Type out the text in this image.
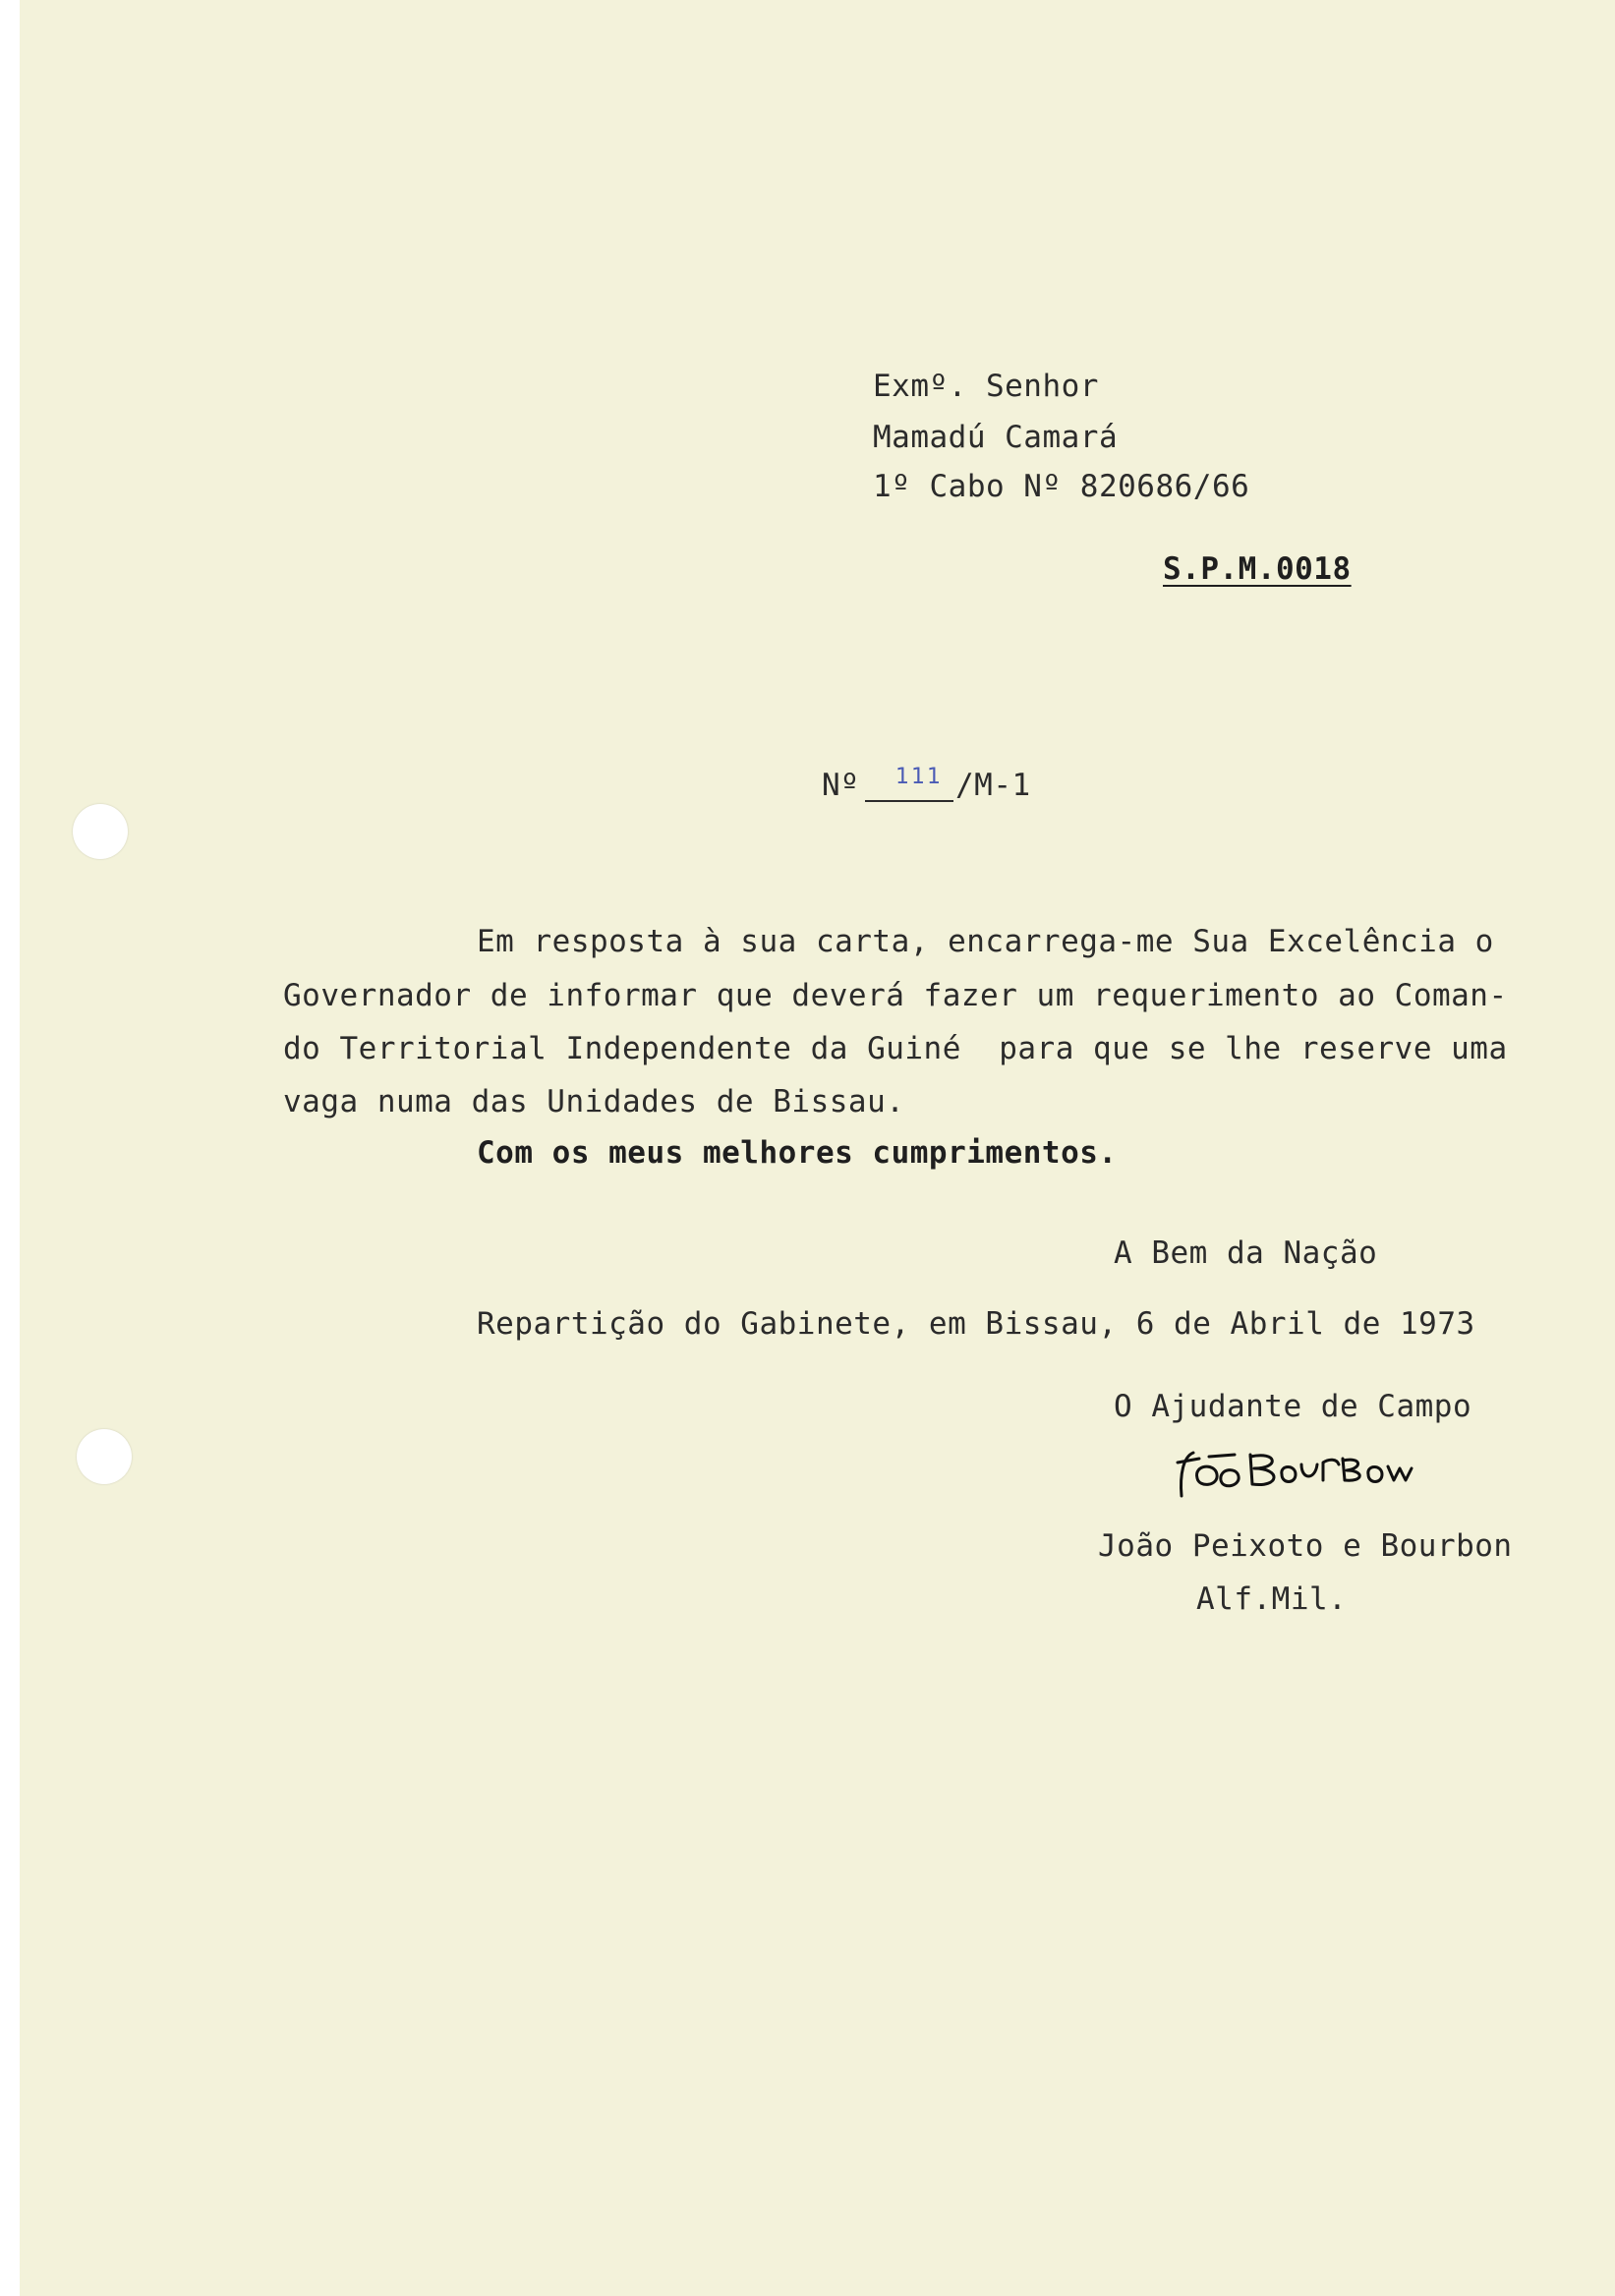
Exmº. Senhor
Mamadú Camará
1º Cabo Nº 820686/66
S.P.M.0018
Nº 111 /M-1
Em resposta à sua carta, encarrega-me Sua Excelência o
Governador de informar que deverá fazer um requerimento ao Coman-
do Territorial Independente da Guiné  para que se lhe reserve uma
vaga numa das Unidades de Bissau.
Com os meus melhores cumprimentos.
A Bem da Nação
Repartição do Gabinete, em Bissau, 6 de Abril de 1973
O Ajudante de Campo
João Peixoto e Bourbon
Alf.Mil.
